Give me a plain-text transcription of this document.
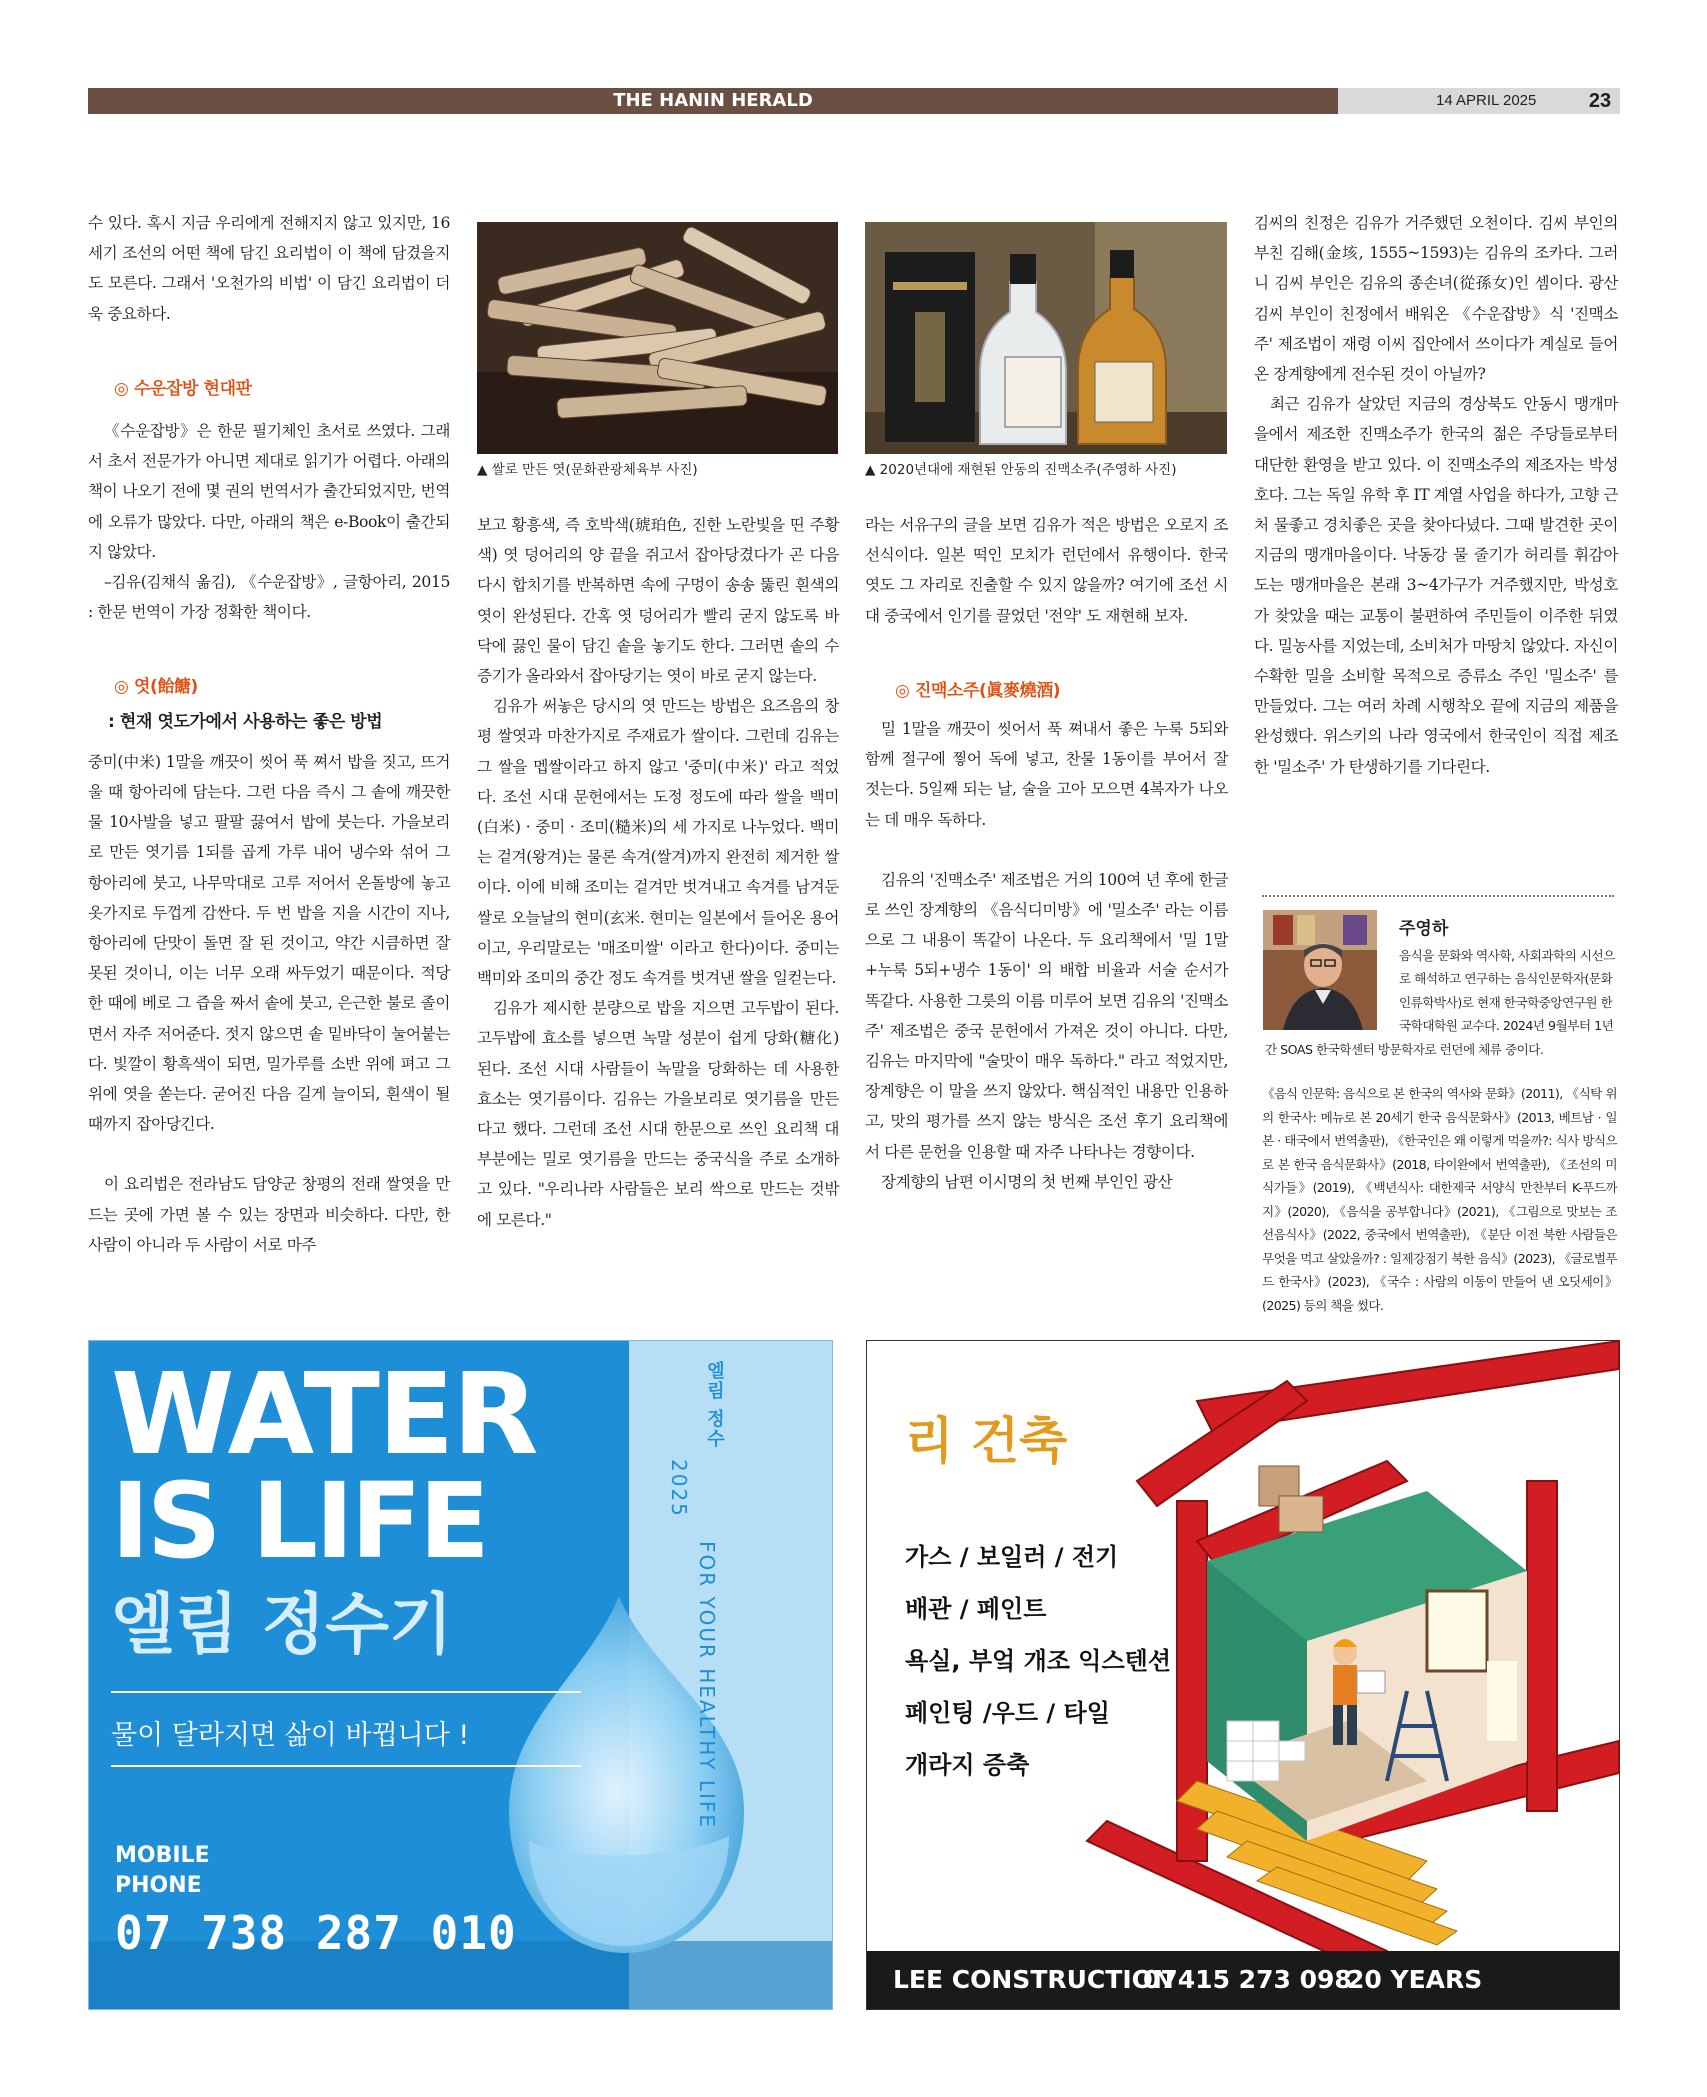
THE HANIN HERALD	14 APRIL 2025	23

수 있다. 혹시 지금 우리에게 전해지지 않고 있지만, 16세기 조선의 어떤 책에 담긴 요리법이 이 책에 담겼을지도 모른다. 그래서 '오천가의 비법' 이 담긴 요리법이 더욱 중요하다.

◎ 수운잡방 현대판

《수운잡방》은 한문 필기체인 초서로 쓰였다. 그래서 초서 전문가가 아니면 제대로 읽기가 어렵다. 아래의 책이 나오기 전에 몇 권의 번역서가 출간되었지만, 번역에 오류가 많았다. 다만, 아래의 책은 e-Book이 출간되지 않았다.

–김유(김채식 옮김), 《수운잡방》, 글항아리, 2015 : 한문 번역이 가장 정확한 책이다.

◎ 엿(飴餹)

: 현재 엿도가에서 사용하는 좋은 방법

중미(中米) 1말을 깨끗이 씻어 푹 쪄서 밥을 짓고, 뜨거울 때 항아리에 담는다. 그런 다음 즉시 그 솥에 깨끗한 물 10사발을 넣고 팔팔 끓여서 밥에 붓는다. 가을보리로 만든 엿기름 1되를 곱게 가루 내어 냉수와 섞어 그 항아리에 붓고, 나무막대로 고루 저어서 온돌방에 놓고 옷가지로 두껍게 감싼다. 두 번 밥을 지을 시간이 지나, 항아리에 단맛이 돌면 잘 된 것이고, 약간 시큼하면 잘못된 것이니, 이는 너무 오래 싸두었기 때문이다. 적당한 때에 베로 그 즙을 짜서 솥에 붓고, 은근한 불로 졸이면서 자주 저어준다. 젓지 않으면 솥 밑바닥이 눌어붙는다. 빛깔이 황흑색이 되면, 밀가루를 소반 위에 펴고 그 위에 엿을 쏟는다. 굳어진 다음 길게 늘이되, 흰색이 될 때까지 잡아당긴다.

이 요리법은 전라남도 담양군 창평의 전래 쌀엿을 만드는 곳에 가면 볼 수 있는 장면과 비슷하다. 다만, 한 사람이 아니라 두 사람이 서로 마주

▲ 쌀로 만든 엿(문화관광체육부 사진)

보고 황흥색, 즉 호박색(琥珀色, 진한 노란빛을 띤 주황색) 엿 덩어리의 양 끝을 쥐고서 잡아당겼다가 곤 다음 다시 합치기를 반복하면 속에 구멍이 송송 뚫린 흰색의 엿이 완성된다. 간혹 엿 덩어리가 빨리 굳지 않도록 바닥에 끓인 물이 담긴 솥을 놓기도 한다. 그러면 솥의 수증기가 올라와서 잡아당기는 엿이 바로 굳지 않는다.

김유가 써놓은 당시의 엿 만드는 방법은 요즈음의 창평 쌀엿과 마찬가지로 주재료가 쌀이다. 그런데 김유는 그 쌀을 멥쌀이라고 하지 않고 '중미(中米)' 라고 적었다. 조선 시대 문헌에서는 도정 정도에 따라 쌀을 백미(白米) · 중미 · 조미(糙米)의 세 가지로 나누었다. 백미는 겉겨(왕겨)는 물론 속겨(쌀겨)까지 완전히 제거한 쌀이다. 이에 비해 조미는 겉겨만 벗겨내고 속겨를 남겨둔 쌀로 오늘날의 현미(玄米. 현미는 일본에서 들어온 용어이고, 우리말로는 '매조미쌀' 이라고 한다)이다. 중미는 백미와 조미의 중간 정도 속겨를 벗겨낸 쌀을 일컫는다.

김유가 제시한 분량으로 밥을 지으면 고두밥이 된다. 고두밥에 효소를 넣으면 녹말 성분이 쉽게 당화(糖化)된다. 조선 시대 사람들이 녹말을 당화하는 데 사용한 효소는 엿기름이다. 김유는 가을보리로 엿기름을 만든다고 했다. 그런데 조선 시대 한문으로 쓰인 요리책 대부분에는 밀로 엿기름을 만드는 중국식을 주로 소개하고 있다. "우리나라 사람들은 보리 싹으로 만드는 것밖에 모른다."

▲ 2020년대에 재현된 안동의 진맥소주(주영하 사진)

라는 서유구의 글을 보면 김유가 적은 방법은 오로지 조선식이다. 일본 떡인 모치가 런던에서 유행이다. 한국 엿도 그 자리로 진출할 수 있지 않을까? 여기에 조선 시대 중국에서 인기를 끌었던 '전약' 도 재현해 보자.

◎ 진맥소주(眞麥燒酒)

밀 1말을 깨끗이 씻어서 푹 쪄내서 좋은 누룩 5되와 함께 절구에 찧어 독에 넣고, 찬물 1동이를 부어서 잘 젓는다. 5일째 되는 날, 술을 고아 모으면 4복자가 나오는 데 매우 독하다.

김유의 '진맥소주' 제조법은 거의 100여 년 후에 한글로 쓰인 장계향의 《음식디미방》에 '밀소주' 라는 이름으로 그 내용이 똑같이 나온다. 두 요리책에서 '밀 1말+누룩 5되+냉수 1동이' 의 배합 비율과 서술 순서가 똑같다. 사용한 그릇의 이름 미루어 보면 김유의 '진맥소주' 제조법은 중국 문헌에서 가져온 것이 아니다. 다만, 김유는 마지막에 "술맛이 매우 독하다." 라고 적었지만, 장계향은 이 말을 쓰지 않았다. 핵심적인 내용만 인용하고, 맛의 평가를 쓰지 않는 방식은 조선 후기 요리책에서 다른 문헌을 인용할 때 자주 나타나는 경향이다.

장계향의 남편 이시명의 첫 번째 부인인 광산

김씨의 친정은 김유가 거주했던 오천이다. 김씨 부인의 부친 김해(金垓, 1555~1593)는 김유의 조카다. 그러니 김씨 부인은 김유의 종손녀(從孫女)인 셈이다. 광산 김씨 부인이 친정에서 배워온 《수운잡방》식 '진맥소주' 제조법이 재령 이씨 집안에서 쓰이다가 계실로 들어온 장계향에게 전수된 것이 아닐까?

최근 김유가 살았던 지금의 경상북도 안동시 맹개마을에서 제조한 진맥소주가 한국의 젊은 주당들로부터 대단한 환영을 받고 있다. 이 진맥소주의 제조자는 박성호다. 그는 독일 유학 후 IT 계열 사업을 하다가, 고향 근처 물좋고 경치좋은 곳을 찾아다녔다. 그때 발견한 곳이 지금의 맹개마을이다. 낙동강 물 줄기가 허리를 휘감아 도는 맹개마을은 본래 3~4가구가 거주했지만, 박성호가 찾았을 때는 교통이 불편하여 주민들이 이주한 뒤였다. 밀농사를 지었는데, 소비처가 마땅치 않았다. 자신이 수확한 밀을 소비할 목적으로 증류소 주인 '밀소주' 를 만들었다. 그는 여러 차례 시행착오 끝에 지금의 제품을 완성했다. 위스키의 나라 영국에서 한국인이 직접 제조한 '밀소주' 가 탄생하기를 기다린다.

주영하
음식을 문화와 역사학, 사회과학의 시선으로 해석하고 연구하는 음식인문학자(문화인류학박사)로 현재 한국학중앙연구원 한국학대학원 교수다. 2024년 9월부터 1년간 SOAS 한국학센터 방문학자로 런던에 체류 중이다.
《음식 인문학: 음식으로 본 한국의 역사와 문화》(2011), 《식탁 위의 한국사: 메뉴로 본 20세기 한국 음식문화사》(2013, 베트남 · 일본 · 태국에서 번역출판), 《한국인은 왜 이렇게 먹을까?: 식사 방식으로 본 한국 음식문화사》(2018, 타이완에서 번역출판), 《조선의 미식가들》(2019), 《백년식사: 대한제국 서양식 만찬부터 K-푸드까지》(2020), 《음식을 공부합니다》(2021), 《그림으로 맛보는 조선음식사》(2022, 중국에서 번역출판), 《분단 이전 북한 사람들은 무엇을 먹고 살았을까? : 일제강점기 북한 음식》(2023), 《글로벌푸드 한국사》(2023), 《국수 : 사람의 이동이 만들어 낸 오딧세이》(2025) 등의 책을 썼다.
WATER
IS LIFE
엘림 정수기
물이 달라지면 삶이 바뀝니다 !
MOBILE
PHONE
07 738 287 010
엘림 정수
FOR YOUR HEALTHY LIFE
2025
리 건축
가스 / 보일러 / 전기
배관 / 페인트
욕실, 부엌 개조 익스텐션
페인팅 /우드 / 타일
개라지 증축
LEE CONSTRUCTION
07415 273 098
20 YEARS EXPERIENCE
